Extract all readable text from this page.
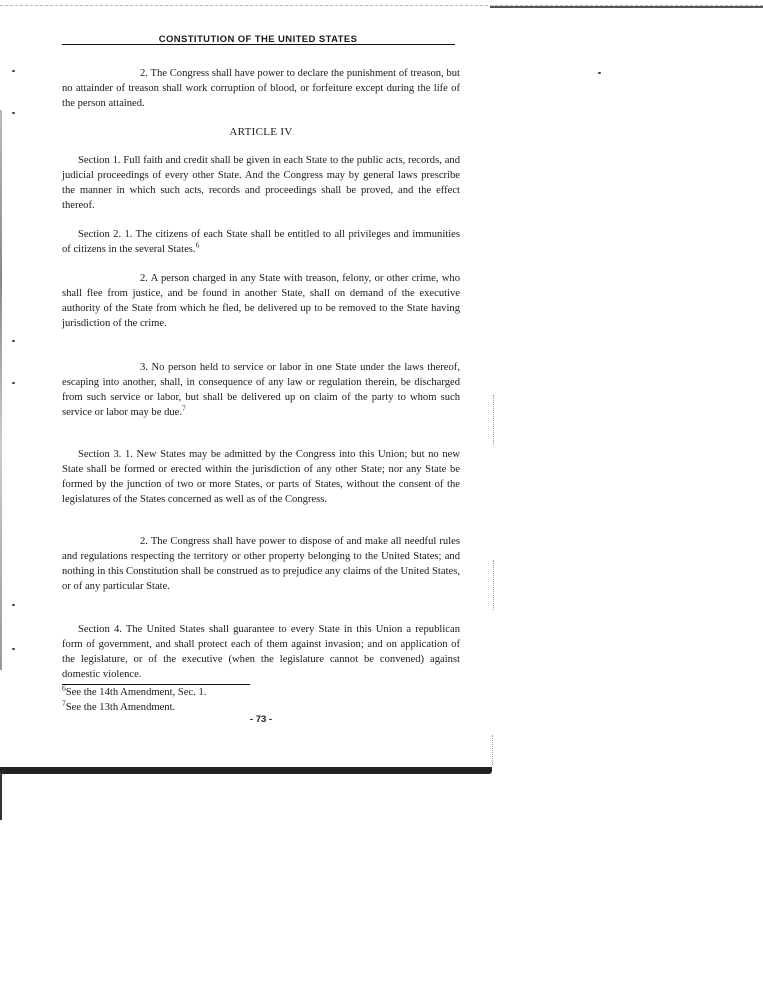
CONSTITUTION OF THE UNITED STATES

2. The Congress shall have power to declare the punishment of treason, but no attainder of treason shall work corruption of blood, or forfeiture except during the life of the person attained.

ARTICLE IV

Section 1. Full faith and credit shall be given in each State to the public acts, records, and judicial proceedings of every other State. And the Congress may by general laws prescribe the manner in which such acts, records and proceedings shall be proved, and the effect thereof.

Section 2. 1. The citizens of each State shall be entitled to all privileges and immunities of citizens in the several States.$^6$

2. A person charged in any State with treason, felony, or other crime, who shall flee from justice, and be found in another State, shall on demand of the executive authority of the State from which he fled, be delivered up to be removed to the State having jurisdiction of the crime.

3. No person held to service or labor in one State under the laws thereof, escaping into another, shall, in consequence of any law or regulation therein, be discharged from such service or labor, but shall be delivered up on claim of the party to whom such service or labor may be due.$^7$

Section 3. 1. New States may be admitted by the Congress into this Union; but no new State shall be formed or erected within the jurisdiction of any other State; nor any State be formed by the junction of two or more States, or parts of States, without the consent of the legislatures of the States concerned as well as of the Congress.

2. The Congress shall have power to dispose of and make all needful rules and regulations respecting the territory or other property belonging to the United States; and nothing in this Constitution shall be construed as to prejudice any claims of the United States, or of any particular State.

Section 4. The United States shall guarantee to every State in this Union a republican form of government, and shall protect each of them against invasion; and on application of the legislature, or of the executive (when the legislature cannot be convened) against domestic violence.

$^6$See the 14th Amendment, Sec. 1.

$^7$See the 13th Amendment.

- 73 -
